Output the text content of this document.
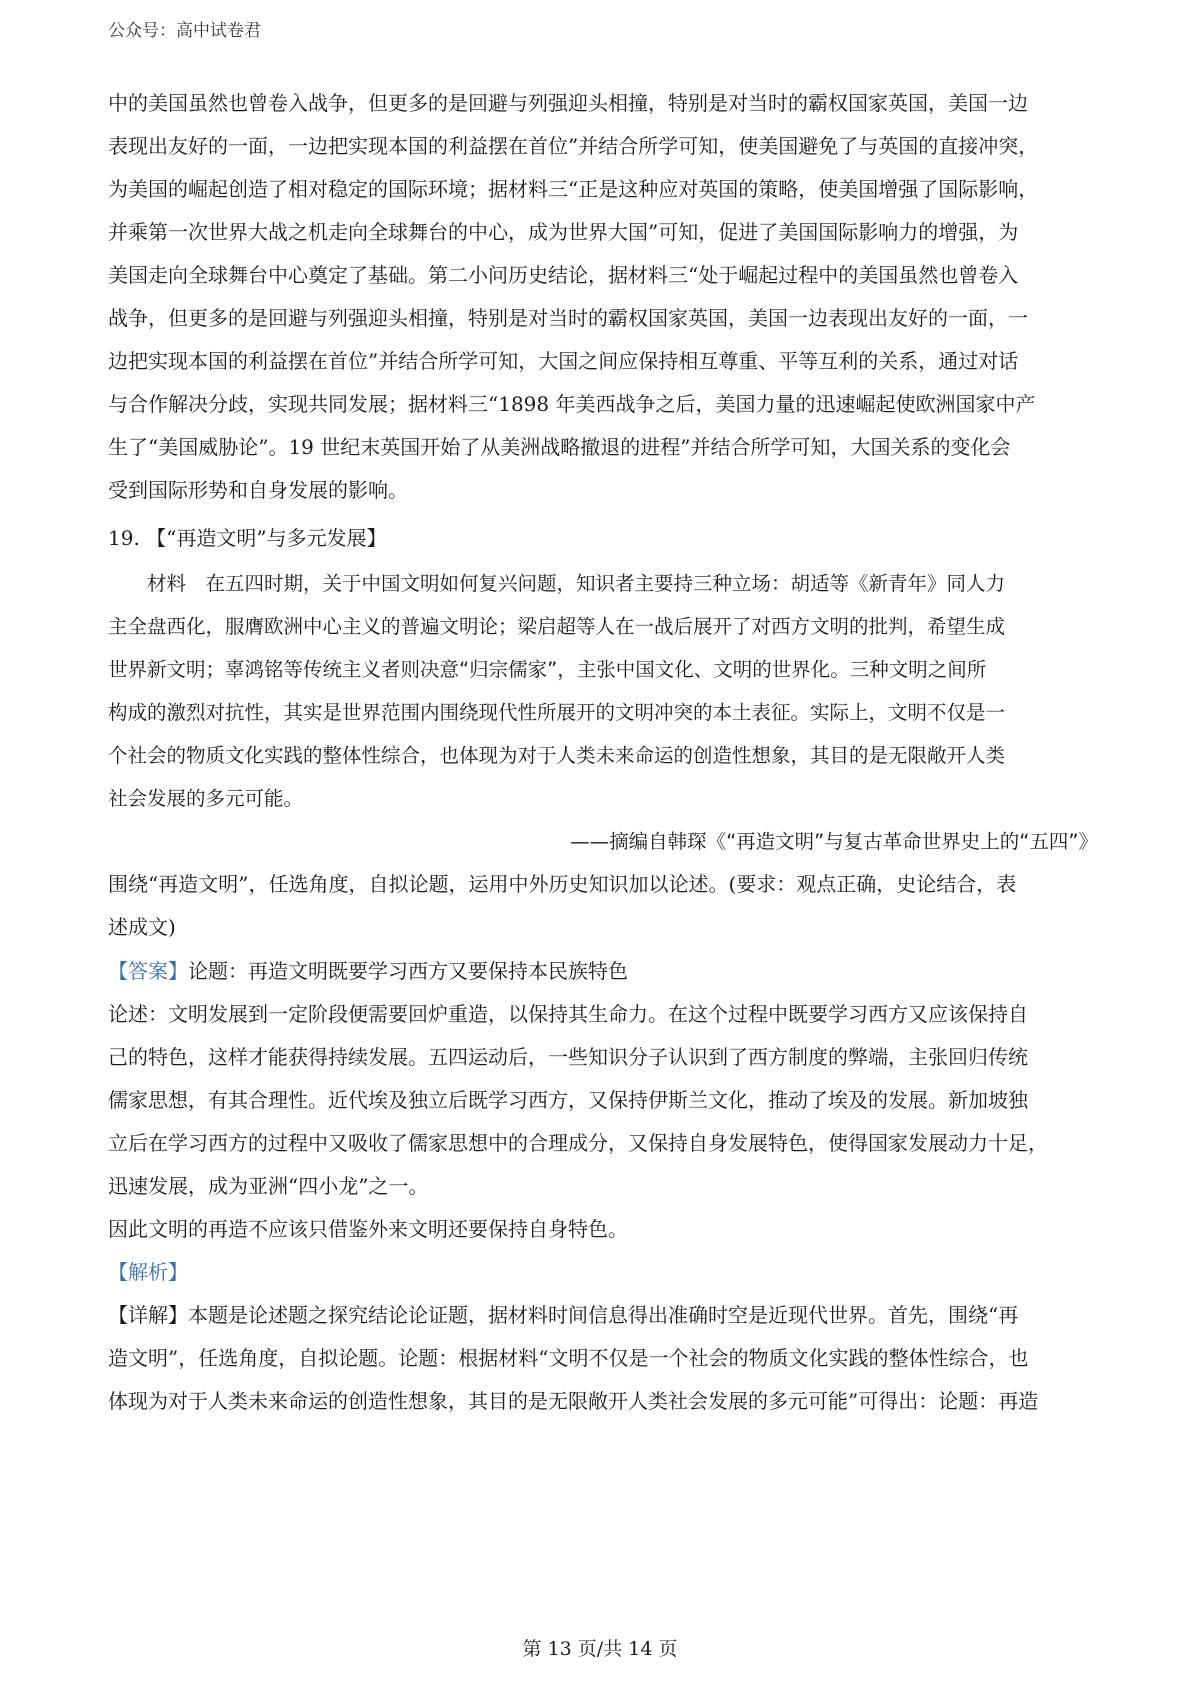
公众号：高中试卷君

中的美国虽然也曾卷入战争，但更多的是回避与列强迎头相撞，特别是对当时的霸权国家英国，美国一边

表现出友好的一面，一边把实现本国的利益摆在首位”并结合所学可知，使美国避免了与英国的直接冲突，

为美国的崛起创造了相对稳定的国际环境；据材料三“正是这种应对英国的策略，使美国增强了国际影响，

并乘第一次世界大战之机走向全球舞台的中心，成为世界大国”可知，促进了美国国际影响力的增强，为

美国走向全球舞台中心奠定了基础。第二小问历史结论，据材料三“处于崛起过程中的美国虽然也曾卷入

战争，但更多的是回避与列强迎头相撞，特别是对当时的霸权国家英国，美国一边表现出友好的一面，一

边把实现本国的利益摆在首位”并结合所学可知，大国之间应保持相互尊重、平等互利的关系，通过对话

与合作解决分歧，实现共同发展；据材料三“1898 年美西战争之后，美国力量的迅速崛起使欧洲国家中产

生了“美国威胁论”。19 世纪末英国开始了从美洲战略撤退的进程”并结合所学可知，大国关系的变化会

受到国际形势和自身发展的影响。

19. 【“再造文明”与多元发展】

　　材料　在五四时期，关于中国文明如何复兴问题，知识者主要持三种立场：胡适等《新青年》同人力

主全盘西化，服膺欧洲中心主义的普遍文明论；梁启超等人在一战后展开了对西方文明的批判，希望生成

世界新文明；辜鸿铭等传统主义者则决意“归宗儒家”，主张中国文化、文明的世界化。三种文明之间所

构成的激烈对抗性，其实是世界范围内围绕现代性所展开的文明冲突的本土表征。实际上，文明不仅是一

个社会的物质文化实践的整体性综合，也体现为对于人类未来命运的创造性想象，其目的是无限敞开人类

社会发展的多元可能。

——摘编自韩琛《“再造文明”与复古革命世界史上的“五四”》

围绕“再造文明”，任选角度，自拟论题，运用中外历史知识加以论述。(要求：观点正确，史论结合，表

述成文)

【答案】论题：再造文明既要学习西方又要保持本民族特色

论述：文明发展到一定阶段便需要回炉重造，以保持其生命力。在这个过程中既要学习西方又应该保持自

己的特色，这样才能获得持续发展。五四运动后，一些知识分子认识到了西方制度的弊端，主张回归传统

儒家思想，有其合理性。近代埃及独立后既学习西方，又保持伊斯兰文化，推动了埃及的发展。新加坡独

立后在学习西方的过程中又吸收了儒家思想中的合理成分，又保持自身发展特色，使得国家发展动力十足，

迅速发展，成为亚洲“四小龙”之一。

因此文明的再造不应该只借鉴外来文明还要保持自身特色。

【解析】

【详解】本题是论述题之探究结论论证题，据材料时间信息得出准确时空是近现代世界。首先，围绕“再

造文明”，任选角度，自拟论题。论题：根据材料“文明不仅是一个社会的物质文化实践的整体性综合，也

体现为对于人类未来命运的创造性想象，其目的是无限敞开人类社会发展的多元可能”可得出：论题：再造

第 13 页/共 14 页
